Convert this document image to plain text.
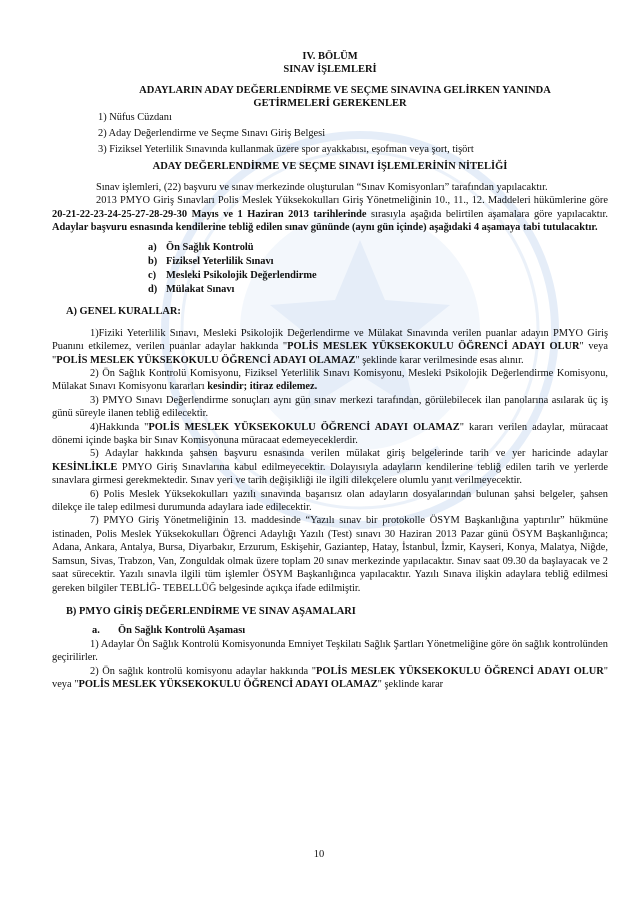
IV. BÖLÜM
SINAV İŞLEMLERİ
ADAYLARIN ADAY DEĞERLENDİRME VE SEÇME SINAVINA GELİRKEN YANINDA
GETİRMELERİ GEREKENLER
1) Nüfus Cüzdanı
2) Aday Değerlendirme ve Seçme Sınavı Giriş Belgesi
3) Fiziksel Yeterlilik Sınavında kullanmak üzere spor ayakkabısı, eşofman veya şort, tişört
ADAY DEĞERLENDİRME VE SEÇME SINAVI İŞLEMLERİNİN NİTELİĞİ
Sınav işlemleri, (22) başvuru ve sınav merkezinde oluşturulan “Sınav Komisyonları” tarafından yapılacaktır.
2013 PMYO Giriş Sınavları Polis Meslek Yüksekokulları Giriş Yönetmeliğinin 10., 11., 12. Maddeleri hükümlerine göre 20-21-22-23-24-25-27-28-29-30 Mayıs ve 1 Haziran 2013 tarihlerinde sırasıyla aşağıda belirtilen aşamalara göre yapılacaktır. Adaylar başvuru esnasında kendilerine tebliğ edilen sınav gününde (aynı gün içinde) aşağıdaki 4 aşamaya tabi tutulacaktır.
a) Ön Sağlık Kontrolü
b) Fiziksel Yeterlilik Sınavı
c) Mesleki Psikolojik Değerlendirme
d) Mülakat Sınavı
A) GENEL KURALLAR:
1)Fiziki Yeterlilik Sınavı, Mesleki Psikolojik Değerlendirme ve Mülakat Sınavında verilen puanlar adayın PMYO Giriş Puanını etkilemez, verilen puanlar adaylar hakkında "POLİS MESLEK YÜKSEKOKULU ÖĞRENCİ ADAYI OLUR" veya "POLİS MESLEK YÜKSEKOKULU ÖĞRENCİ ADAYI OLAMAZ" şeklinde karar verilmesinde esas alınır.
2) Ön Sağlık Kontrolü Komisyonu, Fiziksel Yeterlilik Sınavı Komisyonu, Mesleki Psikolojik Değerlendirme Komisyonu, Mülakat Sınavı Komisyonu kararları kesindir; itiraz edilemez.
3) PMYO Sınavı Değerlendirme sonuçları aynı gün sınav merkezi tarafından, görülebilecek ilan panolarına asılarak üç iş günü süreyle ilanen tebliğ edilecektir.
4)Hakkında "POLİS MESLEK YÜKSEKOKULU ÖĞRENCİ ADAYI OLAMAZ" kararı verilen adaylar, müracaat dönemi içinde başka bir Sınav Komisyonuna müracaat edemeyeceklerdir.
5) Adaylar hakkında şahsen başvuru esnasında verilen mülakat giriş belgelerinde tarih ve yer haricinde adaylar KESİNLİKLE PMYO Giriş Sınavlarına kabul edilmeyecektir. Dolayısıyla adayların kendilerine tebliğ edilen tarih ve yerlerde sınavlara girmesi gerekmektedir. Sınav yeri ve tarih değişikliği ile ilgili dilekçelere olumlu yanıt verilmeyecektir.
6) Polis Meslek Yüksekokulları yazılı sınavında başarısız olan adayların dosyalarından bulunan şahsi belgeler, şahsen dilekçe ile talep edilmesi durumunda adaylara iade edilecektir.
7) PMYO Giriş Yönetmeliğinin 13. maddesinde “Yazılı sınav bir protokolle ÖSYM Başkanlığına yaptırılır” hükmüne istinaden, Polis Meslek Yüksekokulları Öğrenci Adaylığı Yazılı (Test) sınavı 30 Haziran 2013 Pazar günü ÖSYM Başkanlığınca; Adana, Ankara, Antalya, Bursa, Diyarbakır, Erzurum, Eskişehir, Gaziantep, Hatay, İstanbul, İzmir, Kayseri, Konya, Malatya, Niğde, Samsun, Sivas, Trabzon, Van, Zonguldak olmak üzere toplam 20 sınav merkezinde yapılacaktır. Sınav saat 09.30 da başlayacak ve 2 saat sürecektir. Yazılı sınavla ilgili tüm işlemler ÖSYM Başkanlığınca yapılacaktır. Yazılı Sınava ilişkin adaylara tebliğ edilmesi gereken bilgiler TEBLİĞ- TEBELLÜĞ belgesinde açıkça ifade edilmiştir.
B) PMYO GİRİŞ DEĞERLENDİRME VE SINAV AŞAMALARI
a. Ön Sağlık Kontrolü Aşaması
1) Adaylar Ön Sağlık Kontrolü Komisyonunda Emniyet Teşkilatı Sağlık Şartları Yönetmeliğine göre ön sağlık kontrolünden geçirilirler.
2) Ön sağlık kontrolü komisyonu adaylar hakkında "POLİS MESLEK YÜKSEKOKULU ÖĞRENCİ ADAYI OLUR" veya "POLİS MESLEK YÜKSEKOKULU ÖĞRENCİ ADAYI OLAMAZ" şeklinde karar
10
